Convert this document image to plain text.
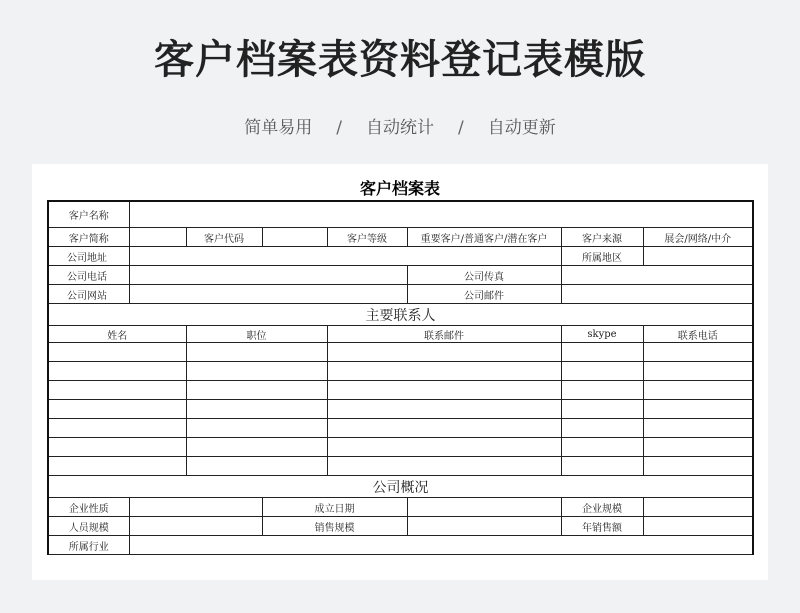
客户档案表资料登记表模版
简单易用 / 自动统计 / 自动更新
客户档案表
客户名称							
客户简称		客户代码		客户等级	重要客户/普通客户/潜在客户	客户来源	展会/网络/中介
公司地址						所属地区	
公司电话					公司传真		
公司网站					公司邮件		
主要联系人							
姓名		职位		联系邮件		skype	联系电话

公司概况							
企业性质			成立日期			企业规模	
人员规模			销售规模			年销售额	
所属行业							
